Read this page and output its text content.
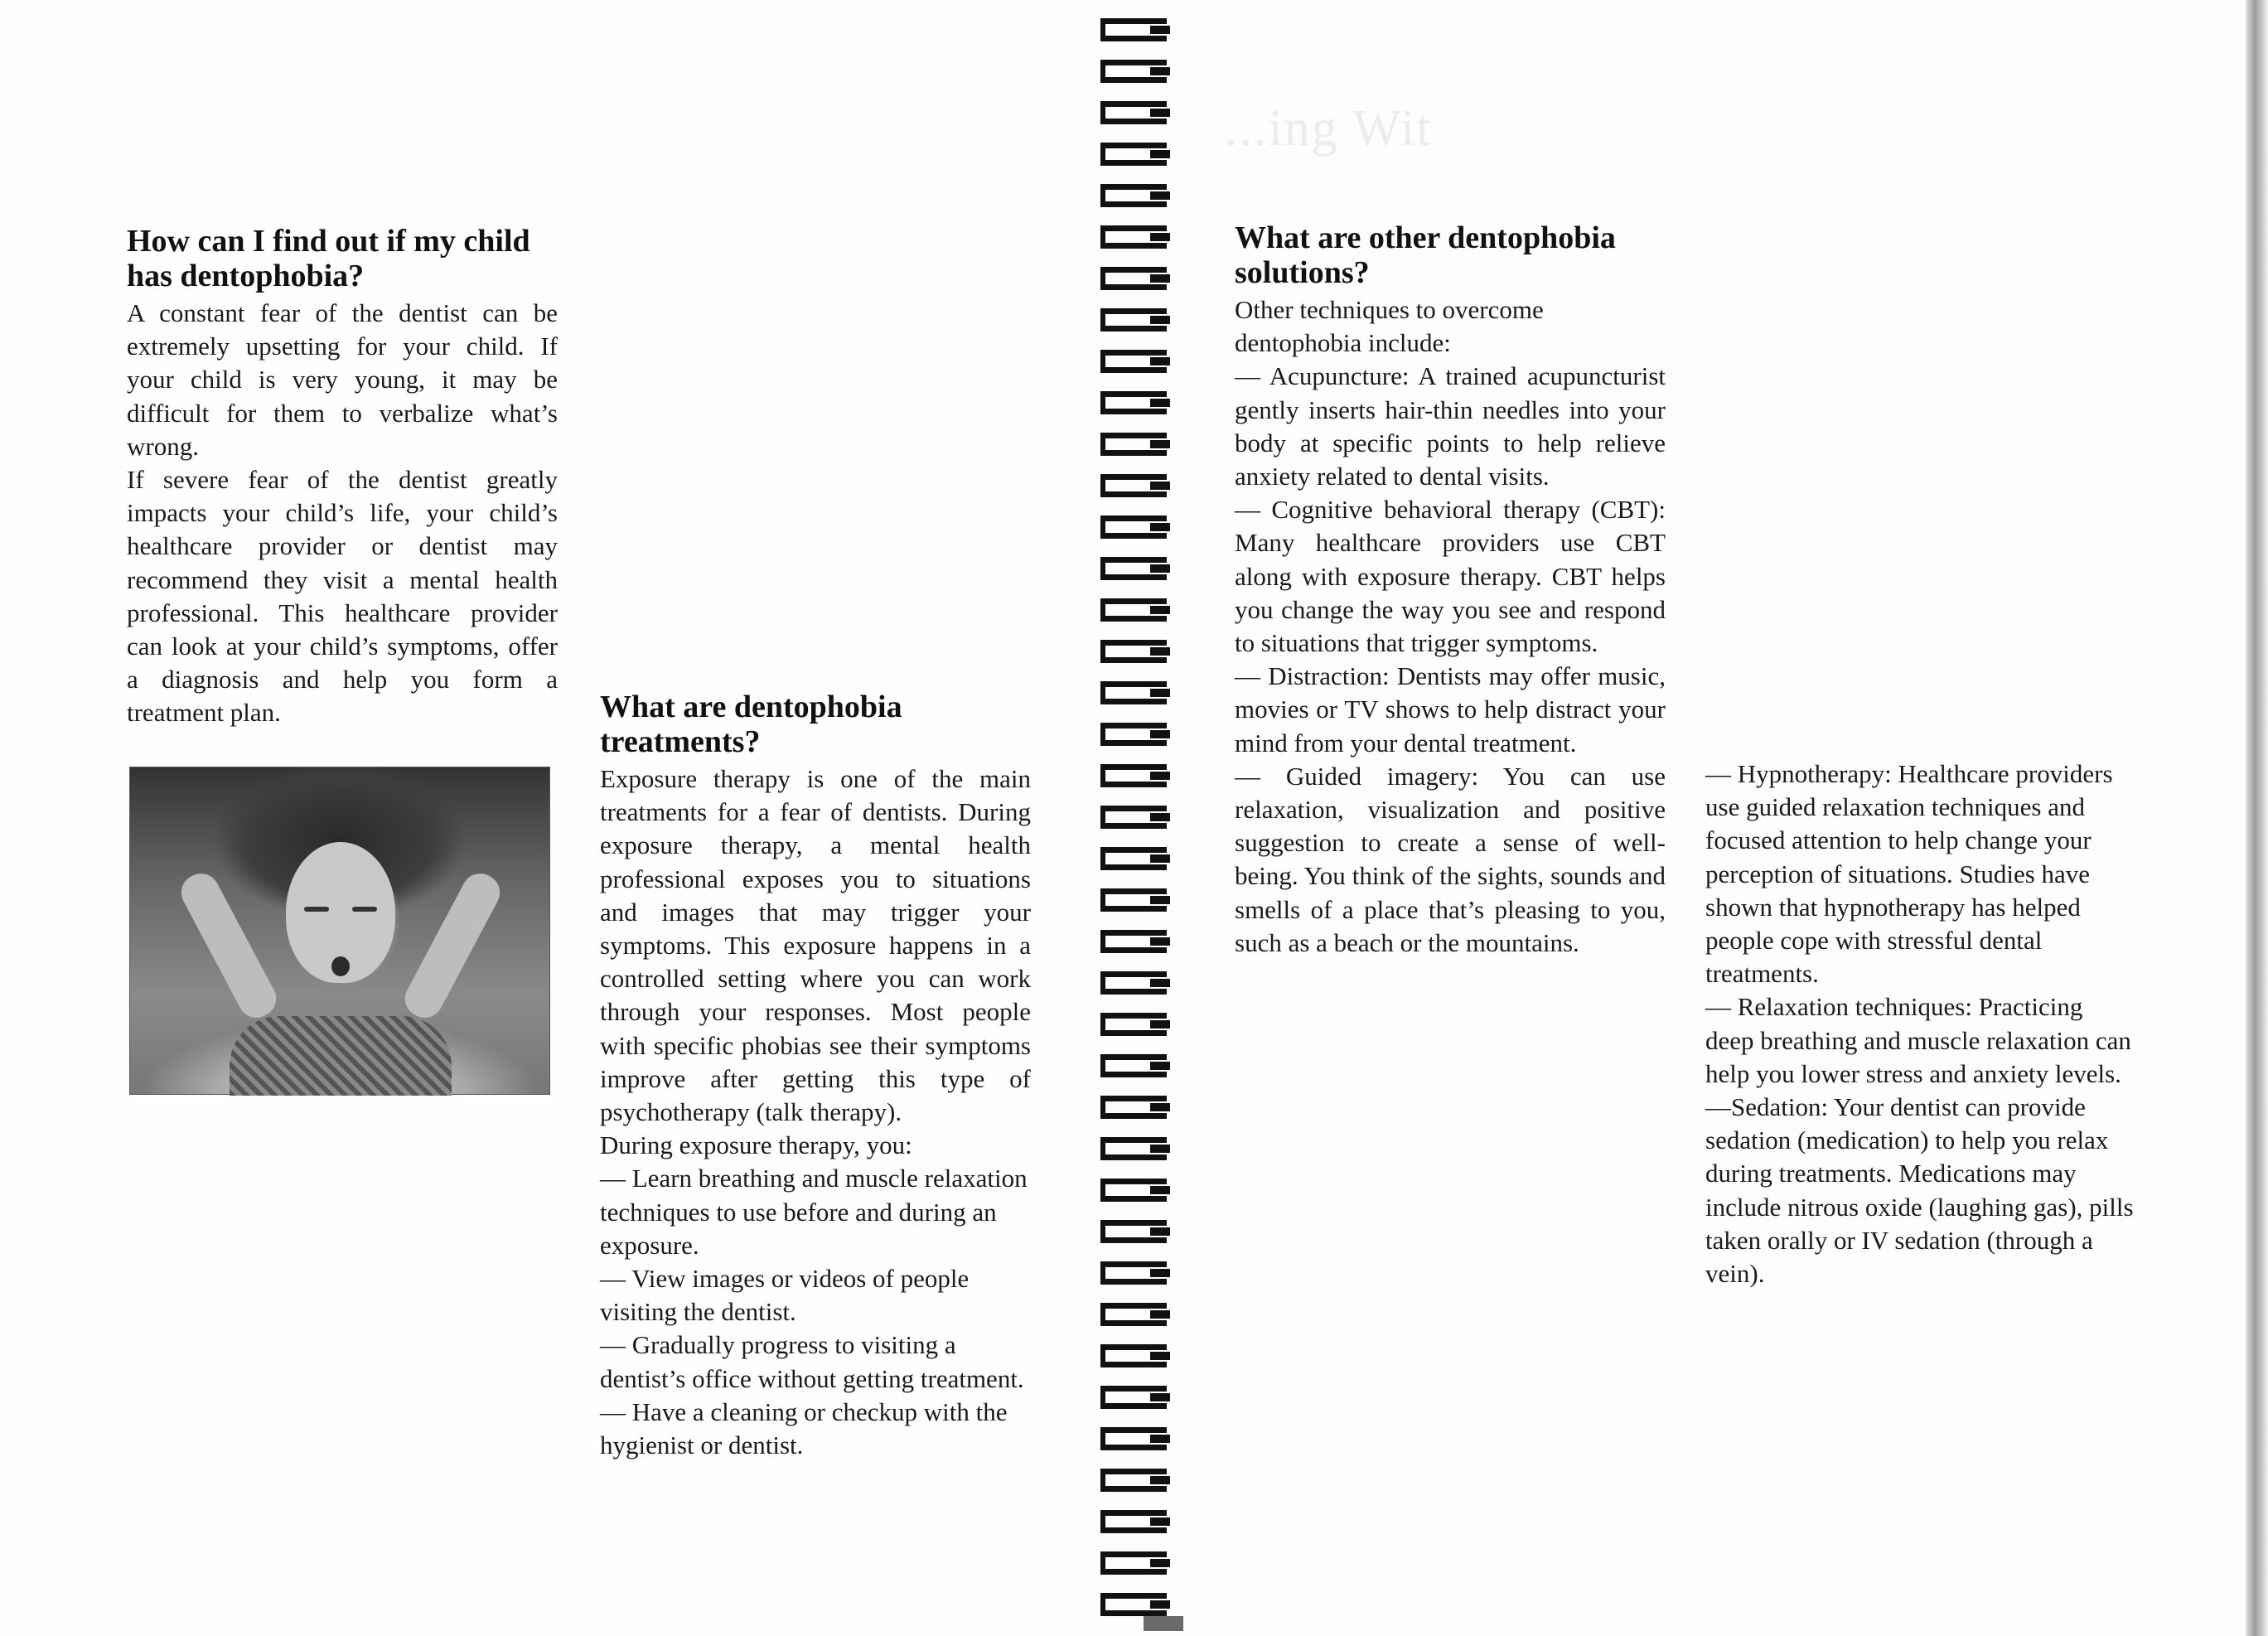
...ing Wit
How can I find out if my child has dentophobia?

A constant fear of the dentist can be extremely upsetting for your child. If your child is very young, it may be difficult for them to verbalize what’s wrong.

If severe fear of the dentist greatly impacts your child’s life, your child’s healthcare provider or dentist may recommend they visit a mental health professional. This healthcare provider can look at your child’s symptoms, offer a diagnosis and help you form a treatment plan.	What are dentophobia treatments?

Exposure therapy is one of the main treatments for a fear of dentists. During exposure therapy, a mental health professional exposes you to situations and images that may trigger your symptoms. This exposure happens in a controlled setting where you can work through your responses. Most people with specific phobias see their symptoms improve after getting this type of psychotherapy (talk therapy).

During exposure therapy, you:

— Learn breathing and muscle relaxation techniques to use before and during an exposure.

— View images or videos of people visiting the dentist.

— Gradually progress to visiting a dentist’s office without getting treatment.

— Have a cleaning or checkup with the hygienist or dentist.

What are other dentophobia solutions?

Other techniques to overcome dentophobia include:

— Acupuncture: A trained acupuncturist gently inserts hair-thin needles into your body at specific points to help relieve anxiety related to dental visits.

— Cognitive behavioral therapy (CBT): Many healthcare providers use CBT along with exposure therapy. CBT helps you change the way you see and respond to situations that trigger symptoms.

— Distraction: Dentists may offer music, movies or TV shows to help distract your mind from your dental treatment.

— Guided imagery: You can use relaxation, visualization and positive suggestion to create a sense of well-being. You think of the sights, sounds and smells of a place that’s pleasing to you, such as a beach or the mountains.

— Hypnotherapy: Healthcare providers use guided relaxation techniques and focused attention to help change your perception of situations. Studies have shown that hypnotherapy has helped people cope with stressful dental treatments.

— Relaxation techniques: Practicing deep breathing and muscle relaxation can help you lower stress and anxiety levels.

—Sedation: Your dentist can provide sedation (medication) to help you relax during treatments. Medications may include nitrous oxide (laughing gas), pills taken orally or IV sedation (through a vein).
